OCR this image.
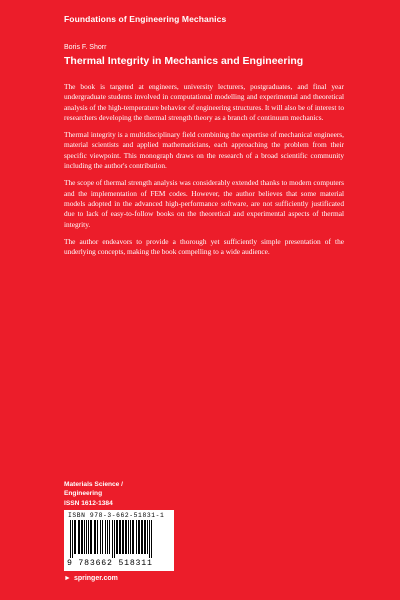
Foundations of Engineering Mechanics
Boris F. Shorr
Thermal Integrity in Mechanics and Engineering

The book is targeted at engineers, university lecturers, postgraduates, and final year undergraduate students involved in computational modelling and experimental and theoretical analysis of the high-temperature behavior of engineering structures. It will also be of interest to researchers developing the thermal strength theory as a branch of continuum mechanics.

Thermal integrity is a multidisciplinary field combining the expertise of mechanical engineers, material scientists and applied mathematicians, each approaching the problem from their specific viewpoint. This monograph draws on the research of a broad scientific community including the author's contribution.

The scope of thermal strength analysis was considerably extended thanks to modern computers and the implementation of FEM codes. However, the author believes that some material models adopted in the advanced high-performance software, are not sufficiently justificated due to lack of easy-to-follow books on the theoretical and experimental aspects of thermal integrity.

The author endeavors to provide a thorough yet sufficiently simple presentation of the underlying concepts, making the book compelling to a wide audience.

Materials Science /
Engineering
ISSN 1612-1384
ISBN 978-3-662-51831-1
9 783662 518311
► springer.com
